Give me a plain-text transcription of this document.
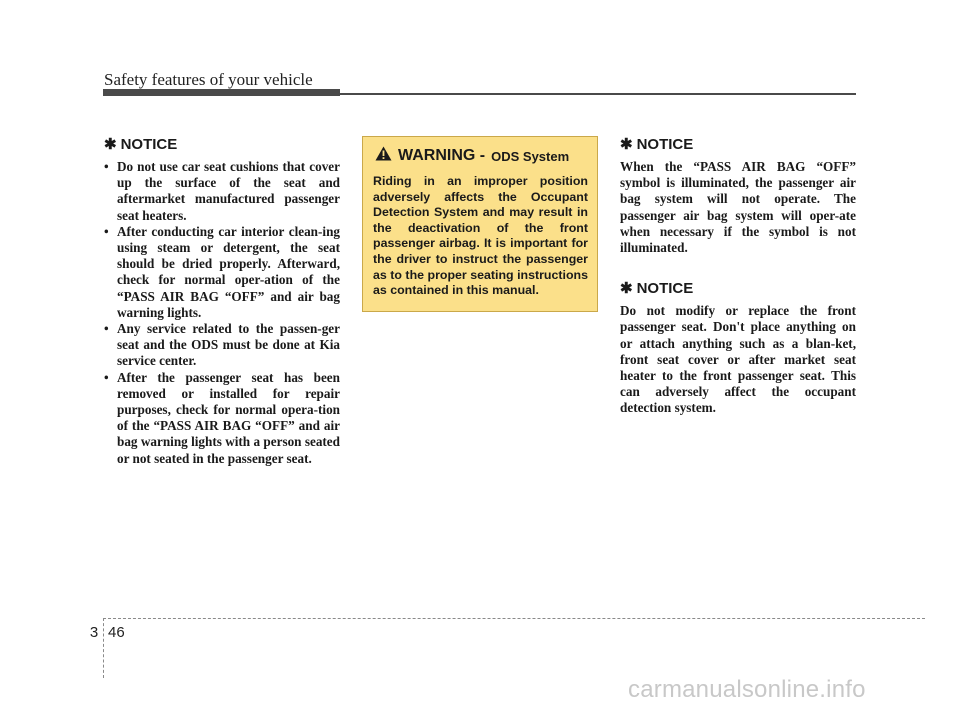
Safety features of your vehicle
✱ NOTICE
• Do not use car seat cushions that cover up the surface of the seat and aftermarket manufactured passenger seat heaters.
• After conducting car interior clean-ing using steam or detergent, the seat should be dried properly. Afterward, check for normal oper-ation of the “PASS AIR BAG “OFF” and air bag warning lights.
• Any service related to the passen-ger seat and the ODS must be done at Kia service center.
• After the passenger seat has been removed or installed for repair purposes, check for normal opera-tion of the “PASS AIR BAG “OFF” and air bag warning lights with a person seated or not seated in the passenger seat.
WARNING - ODS System

Riding in an improper position adversely affects the Occupant Detection System and may result in the deactivation of the front passenger airbag. It is important for the driver to instruct the passenger as to the proper seating instructions as contained in this manual.

✱ NOTICE

When the “PASS AIR BAG “OFF” symbol is illuminated, the passenger air bag system will not operate. The passenger air bag system will oper-ate when necessary if the symbol is not illuminated.

✱ NOTICE

Do not modify or replace the front passenger seat. Don't place anything on or attach anything such as a blan-ket, front seat cover or after market seat heater to the front passenger seat. This can adversely affect the occupant detection system.

3 46
carmanualsonline.info
